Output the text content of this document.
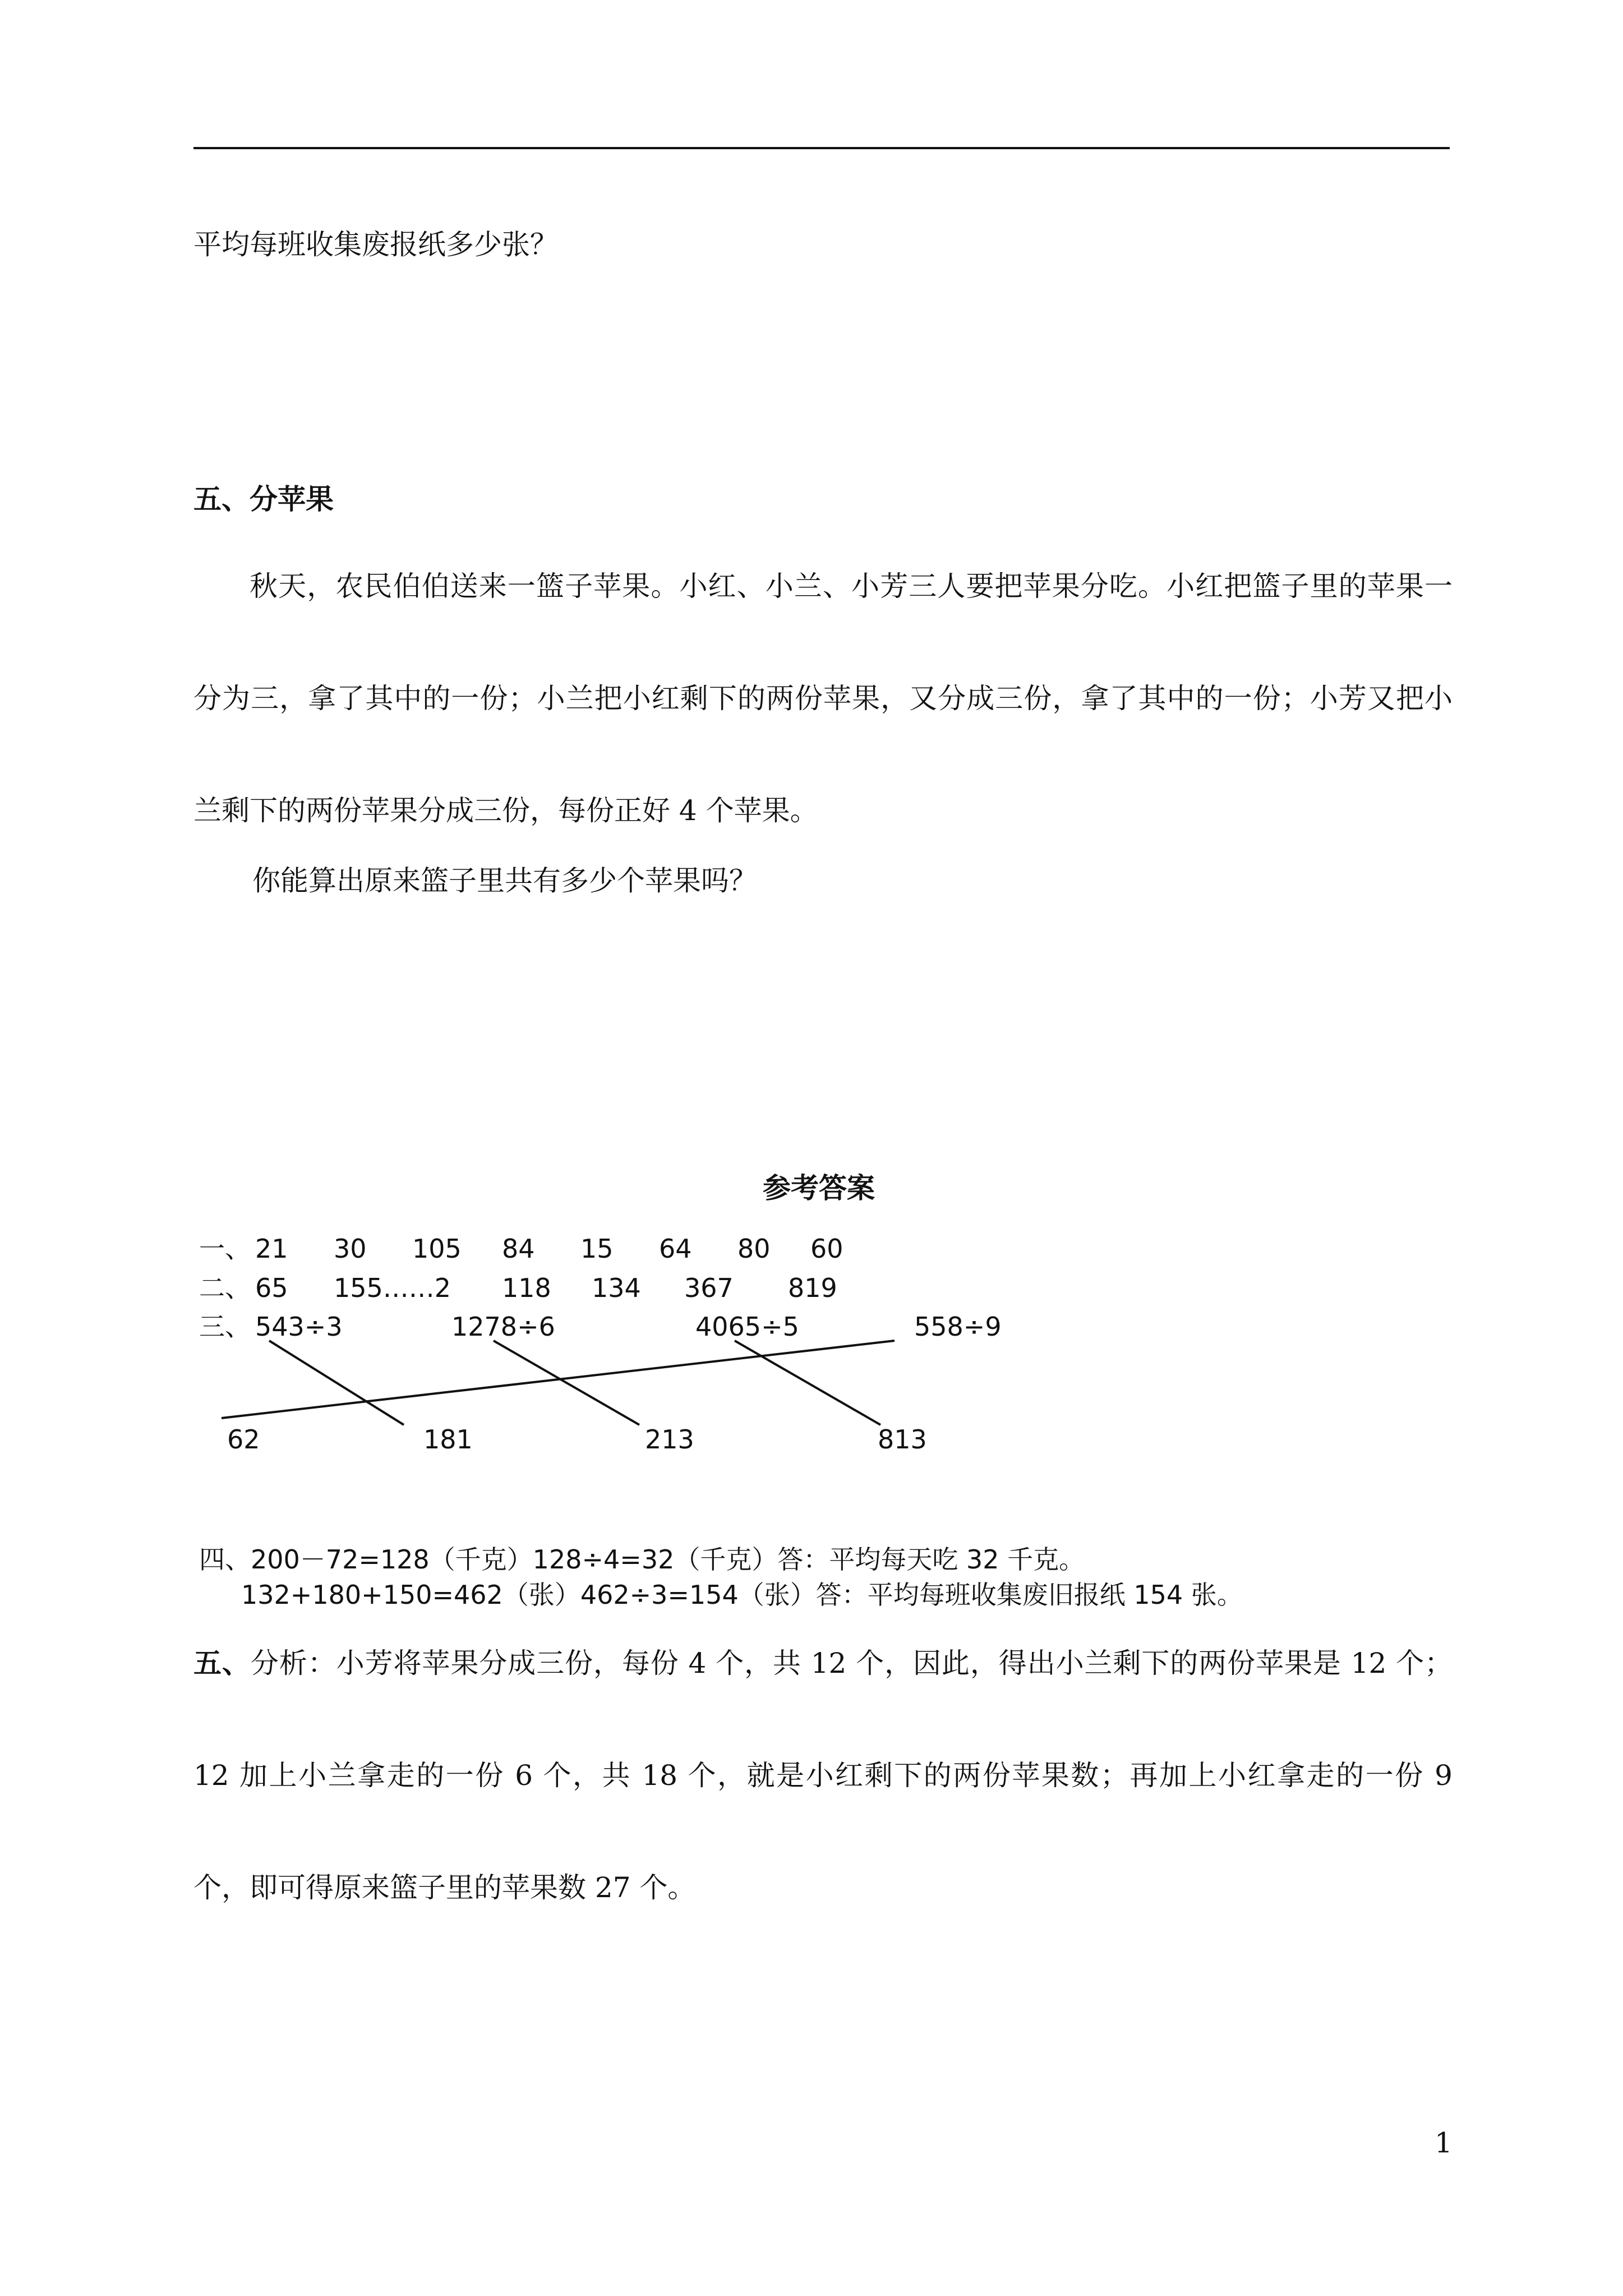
平均每班收集废报纸多少张？
五、分苹果
秋天，农民伯伯送来一篮子苹果。小红、小兰、小芳三人要把苹果分吃。小红把篮子里的苹果一分为三，拿了其中的一份；小兰把小红剩下的两份苹果，又分成三份，拿了其中的一份；小芳又把小兰剩下的两份苹果分成三份，每份正好 4 个苹果。
你能算出原来篮子里共有多少个苹果吗？
参考答案
一、 21 30 105 84 15 64 80 60
二、 65 155……2 118 134 367 819
三、 543÷3	1278÷6	4065÷5	558÷9
62	181	213	813
四、200－72=128（千克）128÷4=32（千克）答：平均每天吃 32 千克。
132+180+150=462（张）462÷3=154（张）答：平均每班收集废旧报纸 154 张。
五、分析：小芳将苹果分成三份，每份 4 个，共 12 个，因此，得出小兰剩下的两份苹果是 12 个；12 加上小兰拿走的一份 6 个，共 18 个，就是小红剩下的两份苹果数；再加上小红拿走的一份 9 个，即可得原来篮子里的苹果数 27 个。
1
